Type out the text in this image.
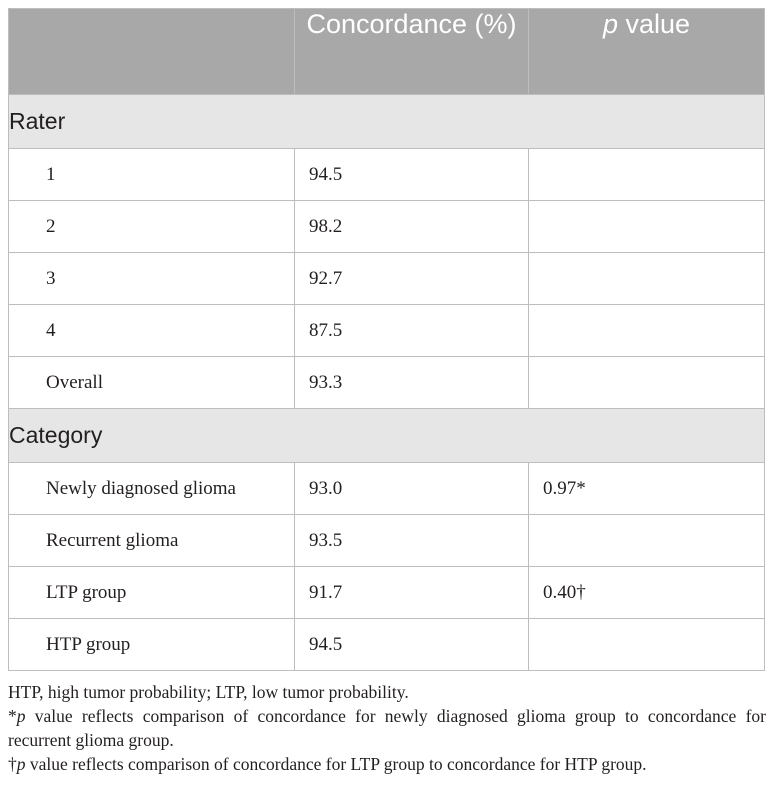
	Concordance (%)	p value
Rater		
1	94.5	
2	98.2	
3	92.7	
4	87.5	
Overall	93.3	
Category		
Newly diagnosed glioma	93.0	0.97*
Recurrent glioma	93.5	
LTP group	91.7	0.40†
HTP group	94.5	

HTP, high tumor probability; LTP, low tumor probability.

*p value reflects comparison of concordance for newly diagnosed glioma group to concordance for recurrent glioma group.

†p value reflects comparison of concordance for LTP group to concordance for HTP group.
